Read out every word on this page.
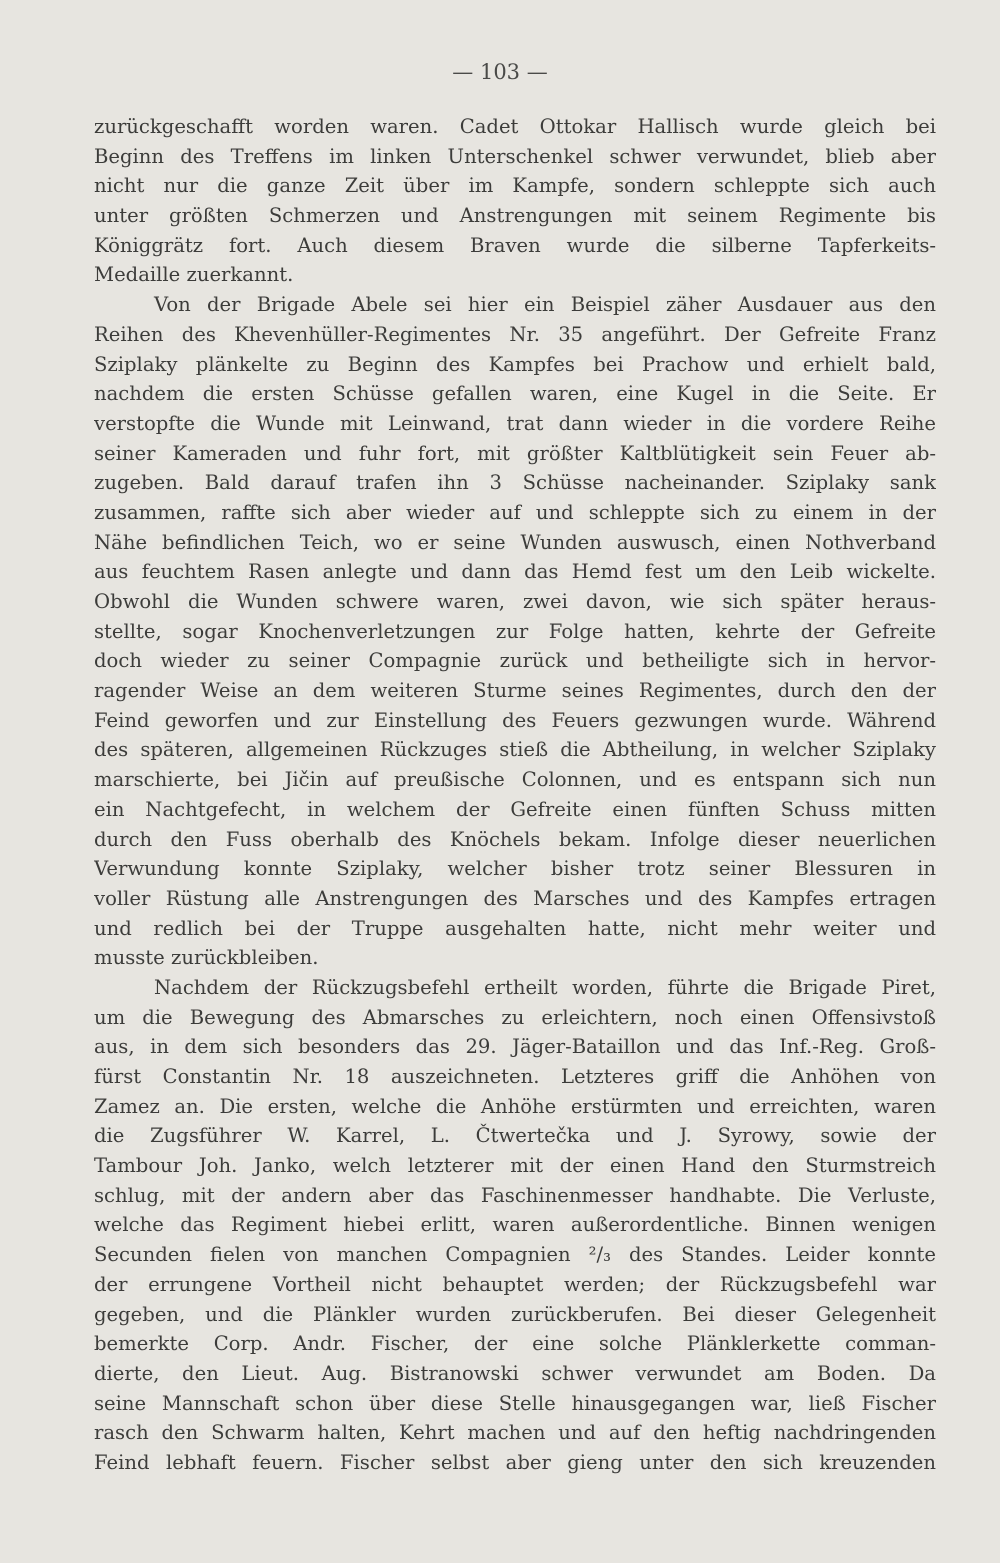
— 103 —
zurückgeschafft worden waren. Cadet Ottokar Hallisch wurde gleich bei
Beginn des Treffens im linken Unterschenkel schwer verwundet, blieb aber
nicht nur die ganze Zeit über im Kampfe, sondern schleppte sich auch
unter größten Schmerzen und Anstrengungen mit seinem Regimente bis
Königgrätz fort. Auch diesem Braven wurde die silberne Tapferkeits-
Medaille zuerkannt.
Von der Brigade Abele sei hier ein Beispiel zäher Ausdauer aus den
Reihen des Khevenhüller-Regimentes Nr. 35 angeführt. Der Gefreite Franz
Sziplaky plänkelte zu Beginn des Kampfes bei Prachow und erhielt bald,
nachdem die ersten Schüsse gefallen waren, eine Kugel in die Seite. Er
verstopfte die Wunde mit Leinwand, trat dann wieder in die vordere Reihe
seiner Kameraden und fuhr fort, mit größter Kaltblütigkeit sein Feuer ab-
zugeben. Bald darauf trafen ihn 3 Schüsse nacheinander. Sziplaky sank
zusammen, raffte sich aber wieder auf und schleppte sich zu einem in der
Nähe befindlichen Teich, wo er seine Wunden auswusch, einen Nothverband
aus feuchtem Rasen anlegte und dann das Hemd fest um den Leib wickelte.
Obwohl die Wunden schwere waren, zwei davon, wie sich später heraus-
stellte, sogar Knochenverletzungen zur Folge hatten, kehrte der Gefreite
doch wieder zu seiner Compagnie zurück und betheiligte sich in hervor-
ragender Weise an dem weiteren Sturme seines Regimentes, durch den der
Feind geworfen und zur Einstellung des Feuers gezwungen wurde. Während
des späteren, allgemeinen Rückzuges stieß die Abtheilung, in welcher Sziplaky
marschierte, bei Jičin auf preußische Colonnen, und es entspann sich nun
ein Nachtgefecht, in welchem der Gefreite einen fünften Schuss mitten
durch den Fuss oberhalb des Knöchels bekam. Infolge dieser neuerlichen
Verwundung konnte Sziplaky, welcher bisher trotz seiner Blessuren in
voller Rüstung alle Anstrengungen des Marsches und des Kampfes ertragen
und redlich bei der Truppe ausgehalten hatte, nicht mehr weiter und
musste zurückbleiben.
Nachdem der Rückzugsbefehl ertheilt worden, führte die Brigade Piret,
um die Bewegung des Abmarsches zu erleichtern, noch einen Offensivstoß
aus, in dem sich besonders das 29. Jäger-Bataillon und das Inf.-Reg. Groß-
fürst Constantin Nr. 18 auszeichneten. Letzteres griff die Anhöhen von
Zamez an. Die ersten, welche die Anhöhe erstürmten und erreichten, waren
die Zugsführer W. Karrel, L. Čtwertečka und J. Syrowy, sowie der
Tambour Joh. Janko, welch letzterer mit der einen Hand den Sturmstreich
schlug, mit der andern aber das Faschinenmesser handhabte. Die Verluste,
welche das Regiment hiebei erlitt, waren außerordentliche. Binnen wenigen
Secunden fielen von manchen Compagnien ²/₃ des Standes. Leider konnte
der errungene Vortheil nicht behauptet werden; der Rückzugsbefehl war
gegeben, und die Plänkler wurden zurückberufen. Bei dieser Gelegenheit
bemerkte Corp. Andr. Fischer, der eine solche Plänklerkette comman-
dierte, den Lieut. Aug. Bistranowski schwer verwundet am Boden. Da
seine Mannschaft schon über diese Stelle hinausgegangen war, ließ Fischer
rasch den Schwarm halten, Kehrt machen und auf den heftig nachdringenden
Feind lebhaft feuern. Fischer selbst aber gieng unter den sich kreuzenden
